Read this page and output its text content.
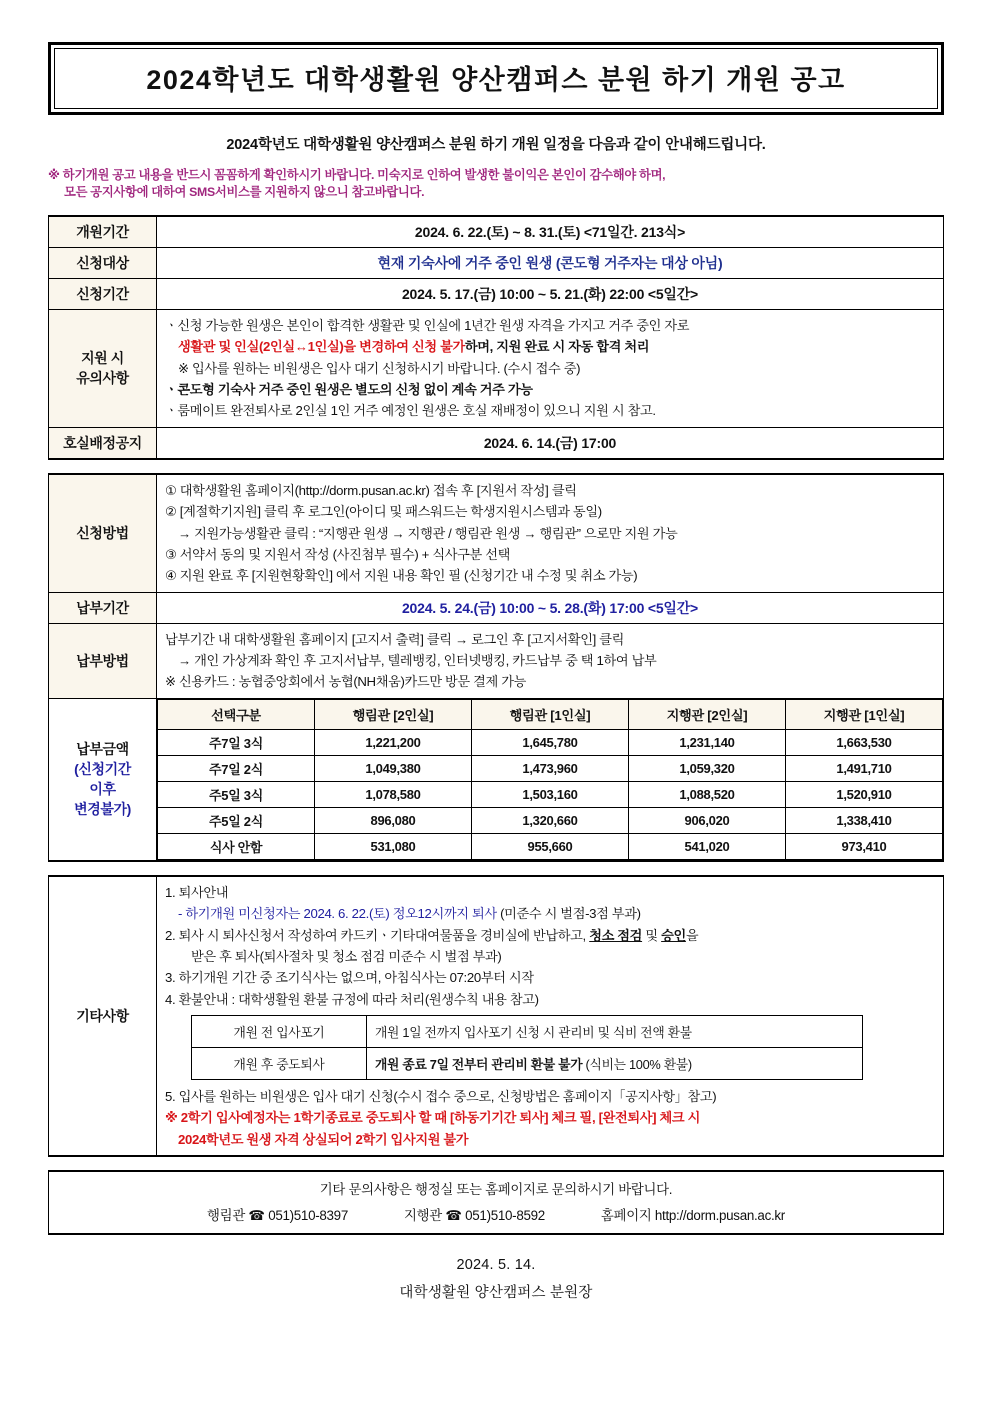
2024학년도 대학생활원 양산캠퍼스 분원 하기 개원 공고
2024학년도 대학생활원 양산캠퍼스 분원 하기 개원 일정을 다음과 같이 안내해드립니다.
※ 하기개원 공고 내용을 반드시 꼼꼼하게 확인하시기 바랍니다. 미숙지로 인하여 발생한 불이익은 본인이 감수해야 하며,
모든 공지사항에 대하여 SMS서비스를 지원하지 않으니 참고바랍니다.
개원기간	2024. 6. 22.(토) ~ 8. 31.(토) <71일간. 213식>
신청대상	현재 기숙사에 거주 중인 원생 (콘도형 거주자는 대상 아님)
신청기간	2024. 5. 17.(금) 10:00 ~ 5. 21.(화) 22:00 <5일간>

지원 시
유의사항

ㆍ신청 가능한 원생은 본인이 합격한 생활관 및 인실에 1년간 원생 자격을 가지고 거주 중인 자로
생활관 및 인실(2인실↔1인실)을 변경하여 신청 불가하며, 지원 완료 시 자동 합격 처리
※ 입사를 원하는 비원생은 입사 대기 신청하시기 바랍니다. (수시 접수 중)
ㆍ콘도형 기숙사 거주 중인 원생은 별도의 신청 없이 계속 거주 가능
ㆍ룸메이트 완전퇴사로 2인실 1인 거주 예정인 원생은 호실 재배정이 있으니 지원 시 참고.

호실배정공지	2024. 6. 14.(금) 17:00
신청방법	
① 대학생활원 홈페이지(http://dorm.pusan.ac.kr) 접속 후 [지원서 작성] 클릭
② [계절학기지원] 클릭 후 로그인(아이디 및 패스워드는 학생지원시스템과 동일)
→ 지원가능생활관 클릭 : “지행관 원생 → 지행관 / 행림관 원생 → 행림관” 으로만 지원 가능
③ 서약서 동의 및 지원서 작성 (사진첨부 필수) + 식사구분 선택
④ 지원 완료 후 [지원현황확인] 에서 지원 내용 확인 필 (신청기간 내 수정 및 취소 가능)

납부기간	2024. 5. 24.(금) 10:00 ~ 5. 28.(화) 17:00 <5일간>
납부방법	
납부기간 내 대학생활원 홈페이지 [고지서 출력] 클릭 → 로그인 후 [고지서확인] 클릭
→ 개인 가상계좌 확인 후 고지서납부, 텔레뱅킹, 인터넷뱅킹, 카드납부 중 택 1하여 납부
※ 신용카드 : 농협중앙회에서 농협(NH채움)카드만 방문 결제 가능

납부금액
(신청기간
이후
변경불가)

선택구분	행림관 [2인실]	행림관 [1인실]	지행관 [2인실]	지행관 [1인실]
주7일 3식	1,221,200	1,645,780	1,231,140	1,663,530
주7일 2식	1,049,380	1,473,960	1,059,320	1,491,710
주5일 3식	1,078,580	1,503,160	1,088,520	1,520,910
주5일 2식	896,080	1,320,660	906,020	1,338,410
식사 안함	531,080	955,660	541,020	973,410
기타사항	
1. 퇴사안내
- 하기개원 미신청자는 2024. 6. 22.(토) 정오12시까지 퇴사 (미준수 시 벌점-3점 부과)
2. 퇴사 시 퇴사신청서 작성하여 카드키ㆍ기타대여물품을 경비실에 반납하고, 청소 점검 및 승인을
받은 후 퇴사(퇴사절차 및 청소 점검 미준수 시 벌점 부과)
3. 하기개원 기간 중 조기식사는 없으며, 아침식사는 07:20부터 시작
4. 환불안내 : 대학생활원 환불 규정에 따라 처리(원생수칙 내용 참고)
개원 전 입사포기	개원 1일 전까지 입사포기 신청 시 관리비 및 식비 전액 환불
개원 후 중도퇴사	개원 종료 7일 전부터 관리비 환불 불가 (식비는 100% 환불)
5. 입사를 원하는 비원생은 입사 대기 신청(수시 접수 중으로, 신청방법은 홈페이지「공지사항」참고)
※ 2학기 입사예정자는 1학기종료로 중도퇴사 할 때 [하동기기간 퇴사] 체크 필, [완전퇴사] 체크 시
2024학년도 원생 자격 상실되어 2학기 입사지원 불가
기타 문의사항은 행정실 또는 홈페이지로 문의하시기 바랍니다.
행림관 ☎ 051)510-8397	지행관 ☎ 051)510-8592	홈페이지 http://dorm.pusan.ac.kr
2024. 5. 14.
대학생활원 양산캠퍼스 분원장
